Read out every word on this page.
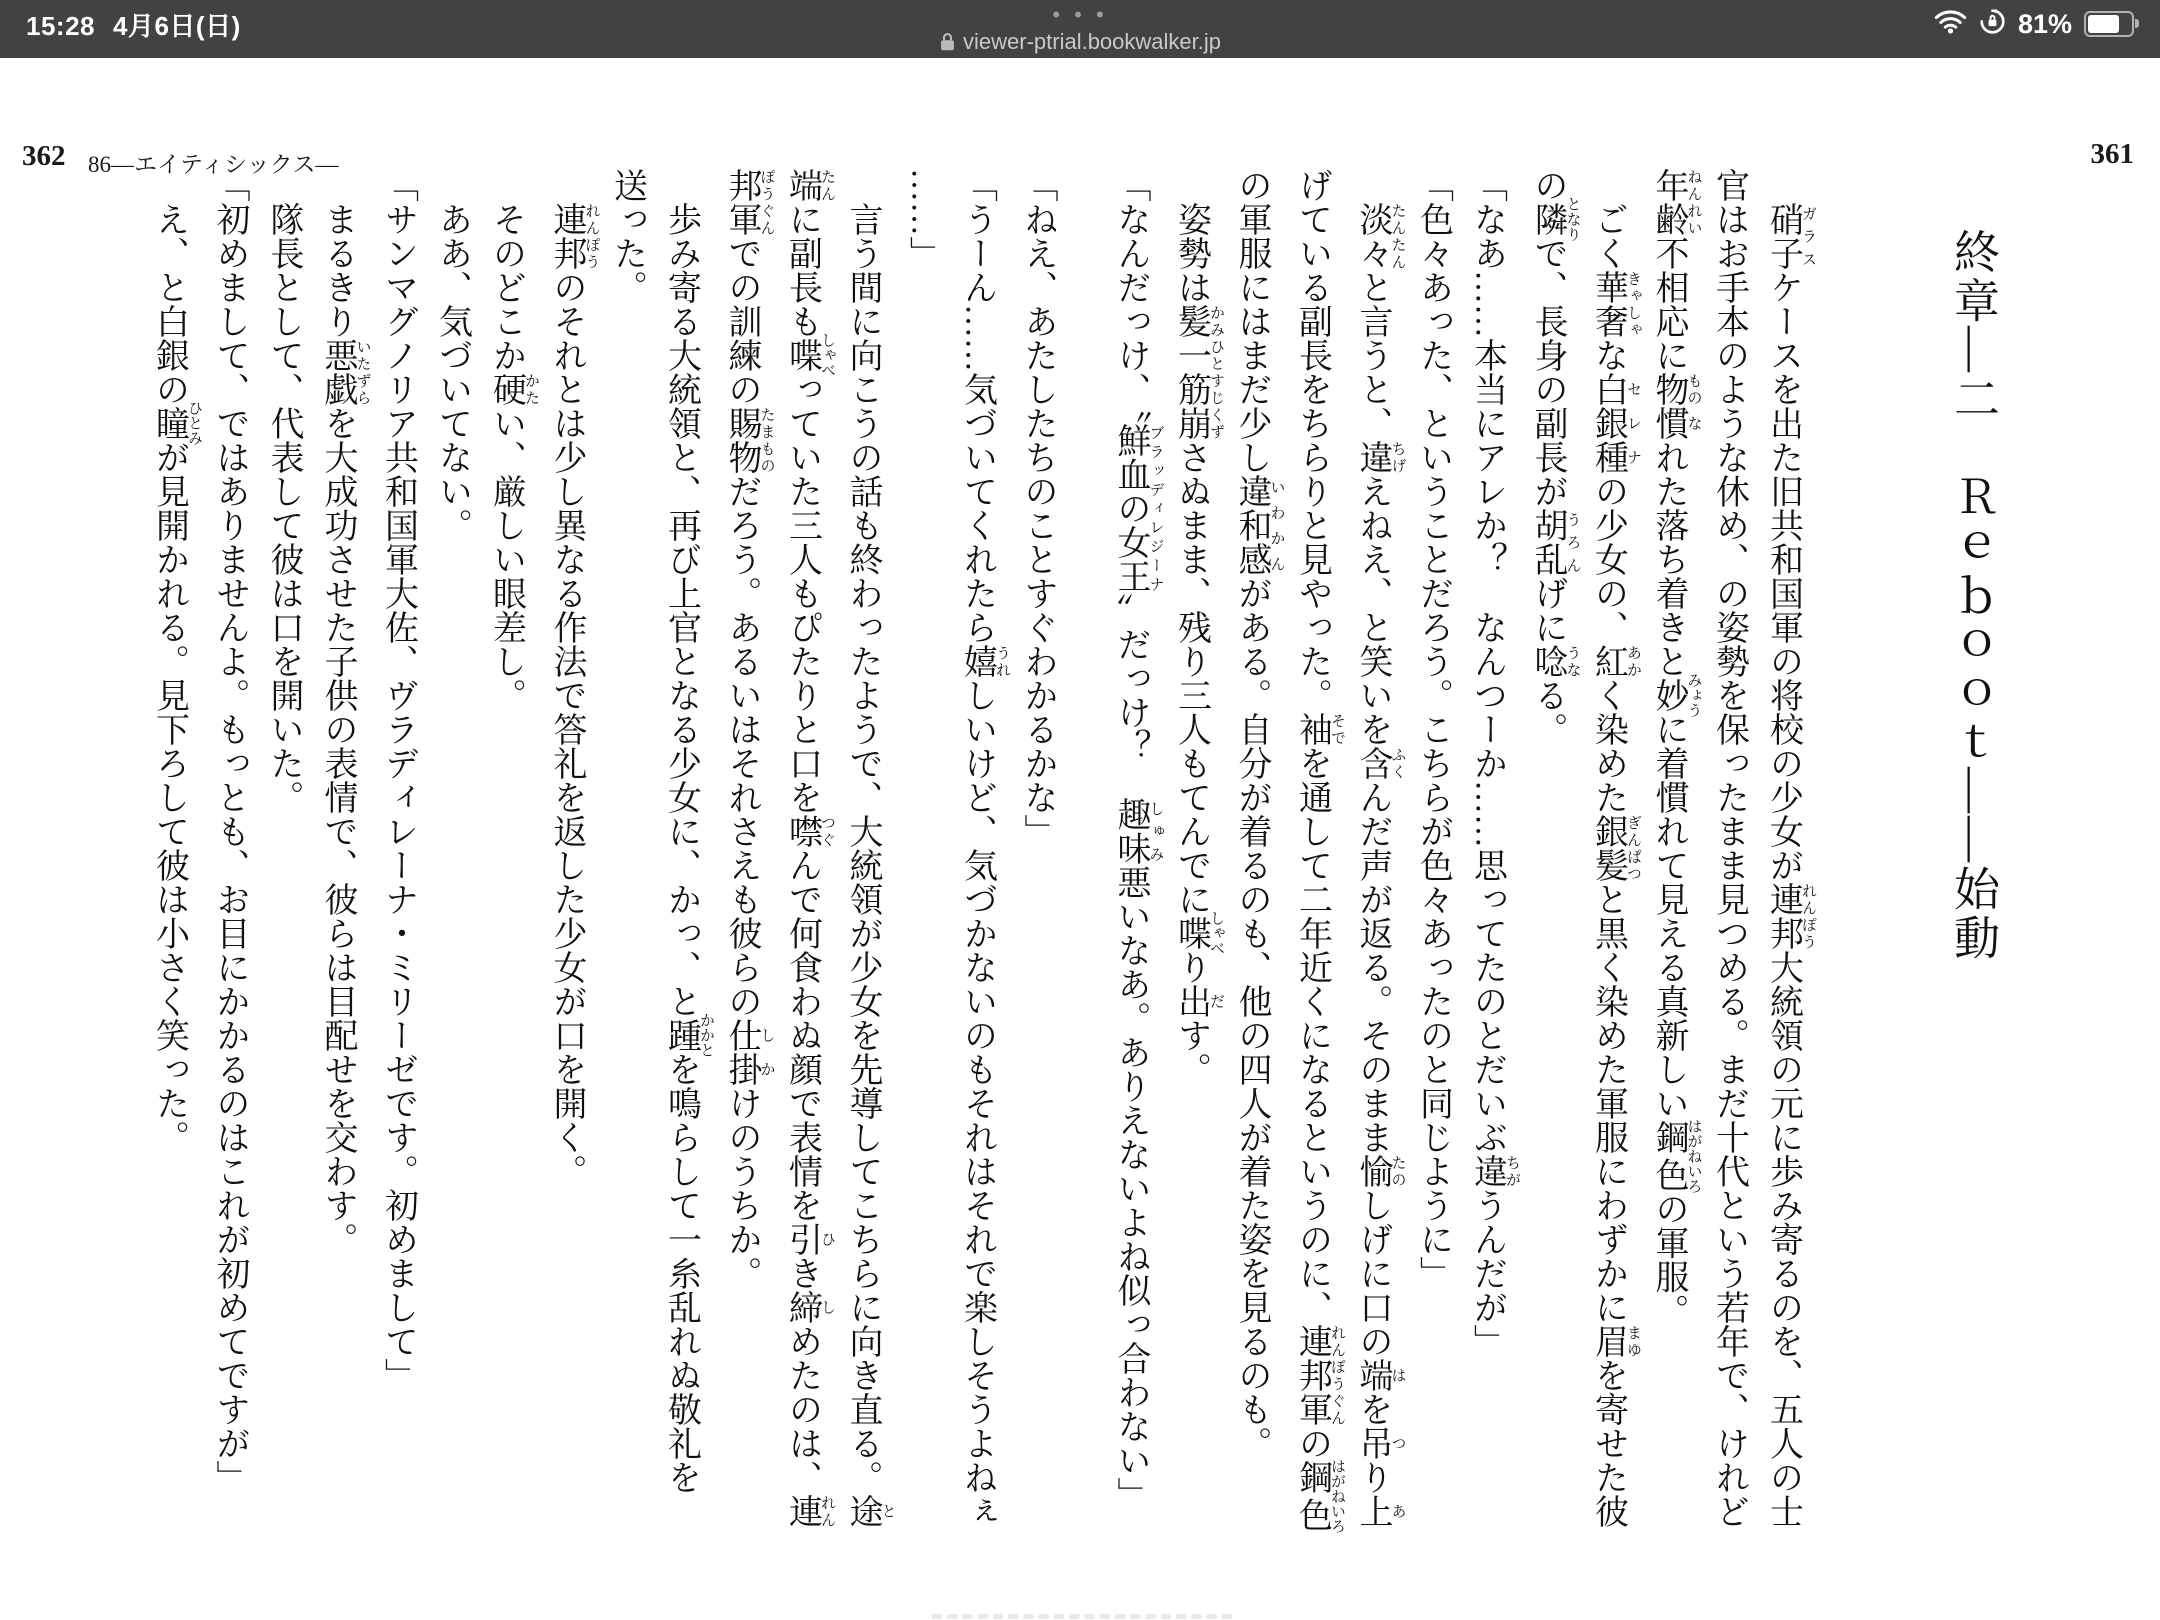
15:28 4月6日(日)	• • •	81%
viewer-ptrial.bookwalker.jp
362 86—エイティシックス—	361
終章―二　Ｒｅｂｏｏｔ――始動

　硝子ガラスケースを出た旧共和国軍の将校の少女が連邦れんぽう大統領の元に歩み寄るのを、五人の士

官はお手本のような休め、の姿勢を保ったまま見つめる。まだ十代という若年で、けれど

年齢ねんれい不相応に物もの慣なれた落ち着きと妙みょうに着慣れて見える真新しい鋼色はがねいろの軍服。

　ごく華奢きゃしゃな白銀種セレナの少女の、紅あかく染めた銀髪ぎんぱつと黒く染めた軍服にわずかに眉まゆを寄せた彼

の隣となりで、長身の副長が胡乱うろんげに唸うなる。

「なあ……本当にアレか？　なんつーか……思ってたのとだいぶ違ちがうんだが」

「色々あった、ということだろう。こちらが色々あったのと同じように」

　淡々たんたんと言うと、違ちげえねえ、と笑いを含ふくんだ声が返る。そのまま愉たのしげに口の端はを吊つり上あ

げている副長をちらりと見やった。袖そでを通して二年近くになるというのに、連邦軍れんぽうぐんの鋼色はがねいろ

の軍服にはまだ少し違和感いわかんがある。自分が着るのも、他の四人が着た姿を見るのも。

　姿勢は髪一筋崩かみひとすじくずさぬまま、残り三人もてんでに喋しゃべり出だす。

「なんだっけ、〝鮮血の女王ブラッディレジーナ〟だっけ？　趣味しゅみ悪いなあ。ありえないよね似っ合わない」

「ねえ、あたしたちのことすぐわかるかな」

「うーん……気づいてくれたら嬉うれしいけど、気づかないのもそれはそれで楽しそうよねぇ

……」

　言う間に向こうの話も終わったようで、大統領が少女を先導してこちらに向き直る。途と

端たんに副長も喋しゃべっていた三人もぴたりと口を噤つぐんで何食わぬ顔で表情を引ひき締しめたのは、連れん

邦軍ぽうぐんでの訓練の賜物たまものだろう。あるいはそれさえも彼らの仕掛しかけのうちか。

　歩み寄る大統領と、再び上官となる少女に、かっ、と踵かかとを鳴らして一糸乱れぬ敬礼を

送った。

　連邦れんぽうのそれとは少し異なる作法で答礼を返した少女が口を開く。

　そのどこか硬かたい、厳しい眼差し。

　ああ、気づいてない。

「サンマグノリア共和国軍大佐、ヴラディレーナ・ミリーゼです。初めまして」

　まるきり悪戯いたずらを大成功させた子供の表情で、彼らは目配せを交わす。

　隊長として、代表して彼は口を開いた。

「初めまして、ではありませんよ。もっとも、お目にかかるのはこれが初めてですが」

　え、と白銀の瞳ひとみが見開かれる。見下ろして彼は小さく笑った。
